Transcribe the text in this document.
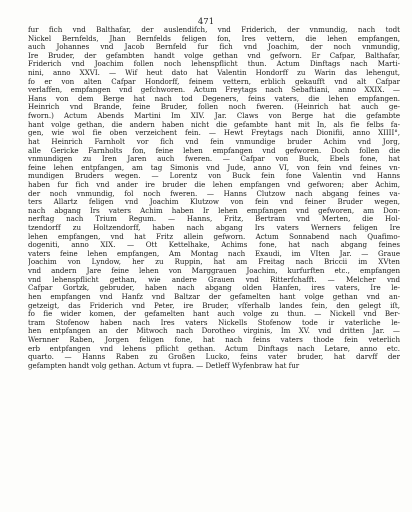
471
fur fich vnd Balthafar, der auslendifch, vnd Friderich, der vnmundig, nach todt
Nickel Bernfelds, Jhan Bernfelds feligen fon, Ires vettern, die lehen empfangen,
auch Johannes vnd Jacob Bernfeld fur fich vnd Joachim, der noch vnmundig,
Ire Bruder, der gefambten handt volge gethan vnd gefworn. Er Cafpar, Balthafar,
Friderich vnd Joachim follen noch lehenspflicht thun. Actum Dinftags nach Marti-
nini, anno XXVI. — Wif heut dato hat Valentin Hondorff zu Warin das lehengut,
fo er von alten Cafpar Hondorff, feinem vettern, erblich gekaufft vnd alt Cafpar
verlaffen, empfangen vnd gefchworen. Actum Freytags nach Sebaftiani, anno XXIX. —
Hans von dem Berge hat nach tod Degeners, feins vaters, die lehen empfangen.
Heinrich vnd Brande, feine Bruder, follen noch fweren. (Heinrich hat auch ge-
fworn.) Actum Abends Martini Im XIV. Jar. Claws von Berge hat die gefambte
hant volge gethan, die andern haben nicht die gefambte hant mit In, als fie felbs fa-
gen, wie wol fie oben verzeichent fein. — Hewt Freytags nach Dionifii, anno XIIII°,
hat Heinrich Farnholt vor fich vnd fein vnmundige bruder Achim vnd Jorg,
alle Gericke Farnholts fon, feine lehen empfangen vnd gefworen. Doch follen die
vnmundigen zu Iren Jaren auch fweren. — Cafpar von Buck, Ebels fone, hat
feine lehen entpfangen, am tag Simonis vnd Jude, anno VI, von fein vnd feines vn-
mundigen Bruders wegen. — Lorentz von Buck fein fone Valentin vnd Hanns
haben fur fich vnd ander ire bruder die lehen empfangen vnd gefworen; aber Achim,
der noch vnmundig, fol noch fweren. — Hanns Clutzow nach abgang feines va-
ters Allartz feligen vnd Joachim Klutzow von fein vnd feiner Bruder wegen,
nach abgang Irs vaters Achim haben Ir lehen empfangen vnd gefworen, am Don-
nerftag nach Trium Regum. — Hanns, Fritz, Bertram vnd Merten, die Hol-
tzendorff zu Holtzendorff, haben nach abgang Irs vaters Werners feligen Ire
lehen empfangen, vnd hat Fritz allein gefworn. Actum Sonnabend nach Quafimo-
dogeniti, anno XIX. — Ott Kettelhake, Achims fone, hat nach abgang feines
vaters feine lehen empfangen, Am Montag nach Exaudi, im VIten Jar. — Graue
Joachim von Lyndow, her zu Ruppin, hat am Freitag nach Briccii im XVten
vnd andern Jare feine lehen von Marggrauen Joachim, kurfurften etc., empfangen
vnd lehenspflicht gethan, wie andere Grauen vnd Ritterfchafft. — Melcher vnd
Cafpar Gortzk, gebruder, haben nach abgang olden Hanfen, ires vaters, Ire le-
hen empfangen vnd Hanfz vnd Baltzar der gefamelten hant volge gethan vnd an-
getzeigt, das Friderich vnd Peter, ire Bruder, vſferhalb landes fein, den gelegt iſt,
fo fie wider komen, der gefamelten hant auch volge zu thun. — Nickell vnd Ber-
tram Stofenow haben nach Ires vaters Nickells Stofenow tode ir vaterliche le-
hen entpfangen an der Mitwoch nach Dorotheo virginis, Im XV. vnd dritten Jar. —
Wernner Raben, Jorgen feligen fone, hat nach feins vaters thode fein veterlich
erb entpfangen vnd lehens pflicht gethan. Actum Dinftags nach Letare, anno etc.
quarto. — Hanns Raben zu Großen Lucko, feins vater bruder, hat darvff der
gefampten handt volg gethan. Actum vt fupra. — Detleff Wyfenbraw hat fur
